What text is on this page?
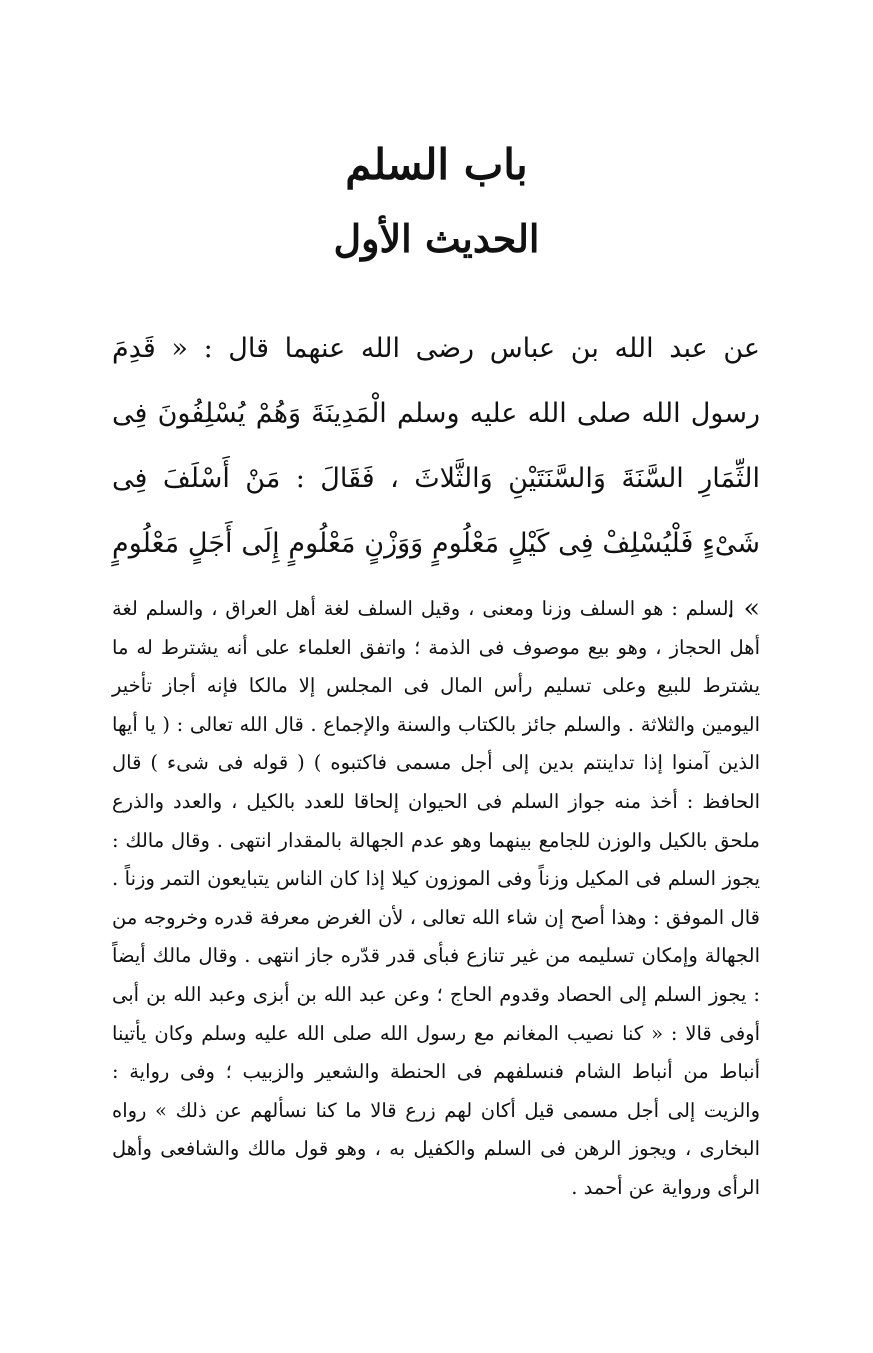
باب السلم
الحديث الأول

عن عبد الله بن عباس رضى الله عنهما قال : « قَدِمَ رسول الله صلى الله عليه وسلم الْمَدِينَةَ وَهُمْ يُسْلِفُونَ فِى الثِّمَارِ السَّنَةَ وَالسَّنَتَيْنِ وَالثَّلاثَ ، فَقَالَ : مَنْ أَسْلَفَ فِى شَىْءٍ فَلْيُسْلِفْ فِى كَيْلٍ مَعْلُومٍ وَوَزْنٍ مَعْلُومٍ إِلَى أَجَلٍ مَعْلُومٍ » .

السلم : هو السلف وزنا ومعنى ، وقيل السلف لغة أهل العراق ، والسلم لغة أهل الحجاز ، وهو بيع موصوف فى الذمة ؛ واتفق العلماء على أنه يشترط له ما يشترط للبيع وعلى تسليم رأس المال فى المجلس إلا مالكا فإنه أجاز تأخير اليومين والثلاثة . والسلم جائز بالكتاب والسنة والإجماع . قال الله تعالى : ( يا أيها الذين آمنوا إذا تداينتم بدين إلى أجل مسمى فاكتبوه ) ( قوله فى شىء ) قال الحافظ : أخذ منه جواز السلم فى الحيوان إلحاقا للعدد بالكيل ، والعدد والذرع ملحق بالكيل والوزن للجامع بينهما وهو عدم الجهالة بالمقدار انتهى . وقال مالك : يجوز السلم فى المكيل وزناً وفى الموزون كيلا إذا كان الناس يتبايعون التمر وزناً . قال الموفق : وهذا أصح إن شاء الله تعالى ، لأن الغرض معرفة قدره وخروجه من الجهالة وإمكان تسليمه من غير تنازع فبأى قدر قدّره جاز انتهى . وقال مالك أيضاً : يجوز السلم إلى الحصاد وقدوم الحاج ؛ وعن عبد الله بن أبزى وعبد الله بن أبى أوفى قالا : « كنا نصيب المغانم مع رسول الله صلى الله عليه وسلم وكان يأتينا أنباط من أنباط الشام فنسلفهم فى الحنطة والشعير والزبيب ؛ وفى رواية : والزيت إلى أجل مسمى قيل أكان لهم زرع قالا ما كنا نسألهم عن ذلك » رواه البخارى ، ويجوز الرهن فى السلم والكفيل به ، وهو قول مالك والشافعى وأهل الرأى ورواية عن أحمد .
